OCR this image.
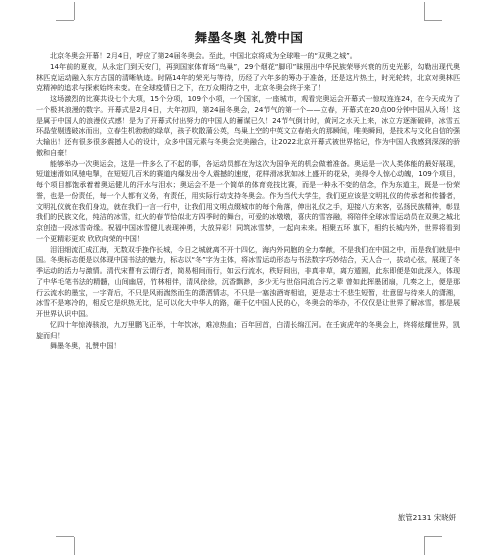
舞墨冬奥 礼赞中国

北京冬奥会开幕！2月4日，呼应了第24届冬奥会。至此，中国北京将成为全球唯一的“双奥之城”。

14年前的夏夜，从永定门到天安门，再到国家体育场“鸟巢”，29个烟花“脚印”昧照出中华民族荣辱兴衰的历史光影，勾勒出现代奥林匹克运动融入东方古国的清晰轨迹。时隔14年的荣光与等待，历经了六年多的筹办于准备，还是这片热土，时光轮转，北京对奥林匹克精神的追求与探索始终未变。在全球疫情日之下，在万众期待之中，北京冬奥会终于来了！

这场激烈的比赛共设七个大项，15个分项，109个小项，一个国家，一座城市，观看完奥运会开幕式一惊叹连连24，在今天成为了一个极其浪漫的数字。开幕式是2月4日，大年初四，第24届冬奥会，24节气的第一个——立春，开幕式在20点00分钟中国从入场！这是属于中国人的浪漫仪式感！是为了开幕式付出努力的中国人的蓄谋已久！24节气倒计时，黄河之水天上来，冰立方逐渐破碎，冰雪五环晶莹剔透破冰而出，立春生机勃勃的绿草，孩子吹散蒲公英，鸟巢上空的中英文立春焰火的那瞬间，唯美瞬间，是技术与文化自信的强大输出！还有很多很多震撼人心的设计，众多中国元素与冬奥会完美融合，让2022北京开幕式被世界铭记，作为中国人我感到深深的骄傲和自豪！

能够举办一次奥运会，这是一件多么了不起的事，各运动员都在为这次为国争光的机会做着准备。奥运是一次人类体能的最好展现，短道速滑如风驰电掣，在短短几百米的赛道内爆发出令人震撼的速度，花样滑冰犹如冰上盛开的花朵，美得令人惊心动魄，109个项目，每个项目都饱承着着奥运健儿的汗水与泪水；奥运会不是一个简单的体育竞技比赛，而是一种永不变的信念，作为东道主，既是一份荣誉，也是一份责任，每一个人都有义务，有责任，用实际行动支持冬奥会。作为当代大学生，我们更应该是文明礼仪的传承者和传播者，文明礼仪就在我们身边，就在我们一言一行中，让我们用文明点缀城市的每个角落，伸出礼仪之手，迎接八方来客，弘扬民族精神，彰显我们的民族文化，纯洁的冰雪，红火的春节恰似北方四季时的舞台，可爱的冰墩墩，喜庆的雪容融，将陪伴全球冰雪运动员在双奥之城北京创造一段冰雪奇缘。祝福中国冰雪健儿表现神勇，大放异彩！同筑冰雪梦，一起向未来。相聚五环 旗下，相约长城内外，世界将看到一个更精彩更欢 欣欣向荣的中国！

泪泪细流汇成江海，无数双手挽作长城，今日之城就离不开十四亿，海内外同胞的全力奉献，不是我们在中国之中，而是我们就是中国。冬奥标志便是以体现中国书法的魅力，标志以“冬”字为主体，将冰雪运动形态与书法数字巧妙结合，天人合一，拔动心弦，展现了冬季运动的活力与激情。清代宋曹有云谓行者，简易相间而行，如云行流水，秩好间出，非真非草，离方遁圆，此东即便是如此深入，体现了中华毛笔书法的精髓，山间幽居，竹林相伴，清风徐徐，沉香飘渺，多少无与世俗同流合污之辈 曾如此挥墨团扇，几奏之上，便是那行云流水的墨宝，一字背后，不只是风雨湍然而生的潇洒情志，不只是一塞浊酒寄相谊，更是志士不悲生短暂，壮意留与待来人的潇湘，冰雪不是寒冷的，相反它是织热无比，足可以化大中华人的路，砸千亿中国人民的心，冬奥会的举办，不仅仅是让世界了解冰雪，都是展开世界认识中国。

忆四十年惊涛骇浪，九万里鹏飞正举，十年饮冰，难凉热血；百年回首，白清长绵江河。在壬寅虎年的冬奥会上，终将炫耀世界，凯旋而归！

舞墨冬奥，礼赞中国！

旅管2131 宋晓妍
